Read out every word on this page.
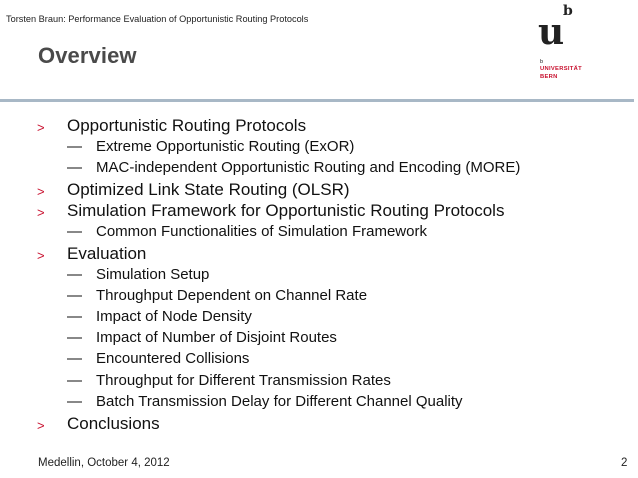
Torsten Braun: Performance Evaluation of Opportunistic Routing Protocols	u
b
b
UNIVERSITÄT
BERN
Overview
> Opportunistic Routing Protocols
— Extreme Opportunistic Routing (ExOR)
— MAC-independent Opportunistic Routing and Encoding (MORE)
> Optimized Link State Routing (OLSR)
> Simulation Framework for Opportunistic Routing Protocols
— Common Functionalities of Simulation Framework
> Evaluation
— Simulation Setup
— Throughput Dependent on Channel Rate
— Impact of Node Density
— Impact of Number of Disjoint Routes
— Encountered Collisions
— Throughput for Different Transmission Rates
— Batch Transmission Delay for Different Channel Quality
> Conclusions
Medellin, October 4, 2012	2
